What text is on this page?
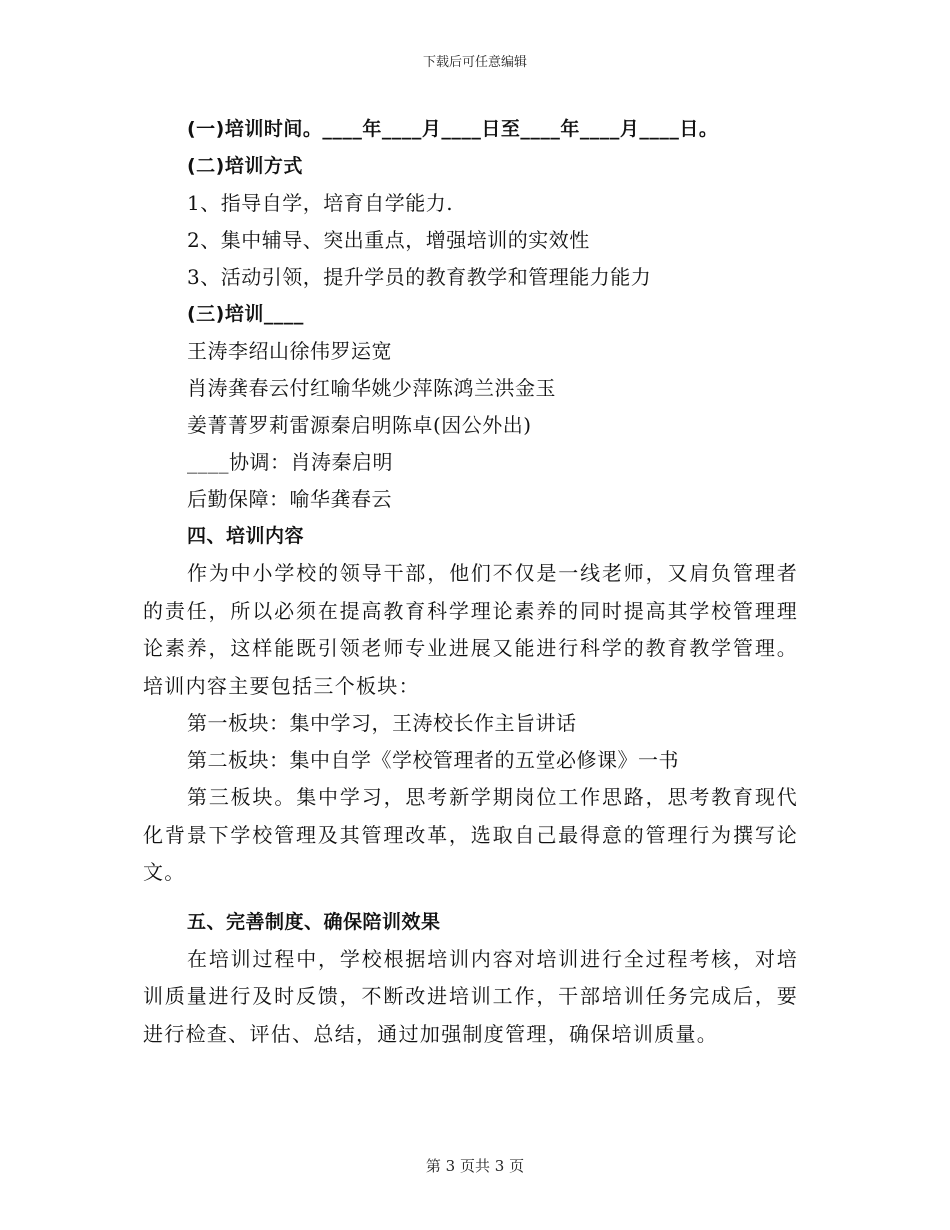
下载后可任意编辑
(一)培训时间。____年____月____日至____年____月____日。
(二)培训方式
1、指导自学，培育自学能力.
2、集中辅导、突出重点，增强培训的实效性
3、活动引领，提升学员的教育教学和管理能力能力
(三)培训____
王涛李绍山徐伟罗运宽
肖涛龚春云付红喻华姚少萍陈鸿兰洪金玉
姜菁菁罗莉雷源秦启明陈卓(因公外出)
____协调：肖涛秦启明
后勤保障：喻华龚春云
四、培训内容

作为中小学校的领导干部，他们不仅是一线老师，又肩负管理者的责任，所以必须在提高教育科学理论素养的同时提高其学校管理理论素养，这样能既引领老师专业进展又能进行科学的教育教学管理。培训内容主要包括三个板块：

第一板块：集中学习，王涛校长作主旨讲话
第二板块：集中自学《学校管理者的五堂必修课》一书

第三板块。集中学习，思考新学期岗位工作思路，思考教育现代化背景下学校管理及其管理改革，选取自己最得意的管理行为撰写论文。

五、完善制度、确保陪训效果

在培训过程中，学校根据培训内容对培训进行全过程考核，对培训质量进行及时反馈，不断改进培训工作，干部培训任务完成后，要进行检查、评估、总结，通过加强制度管理，确保培训质量。

第 3 页共 3 页
